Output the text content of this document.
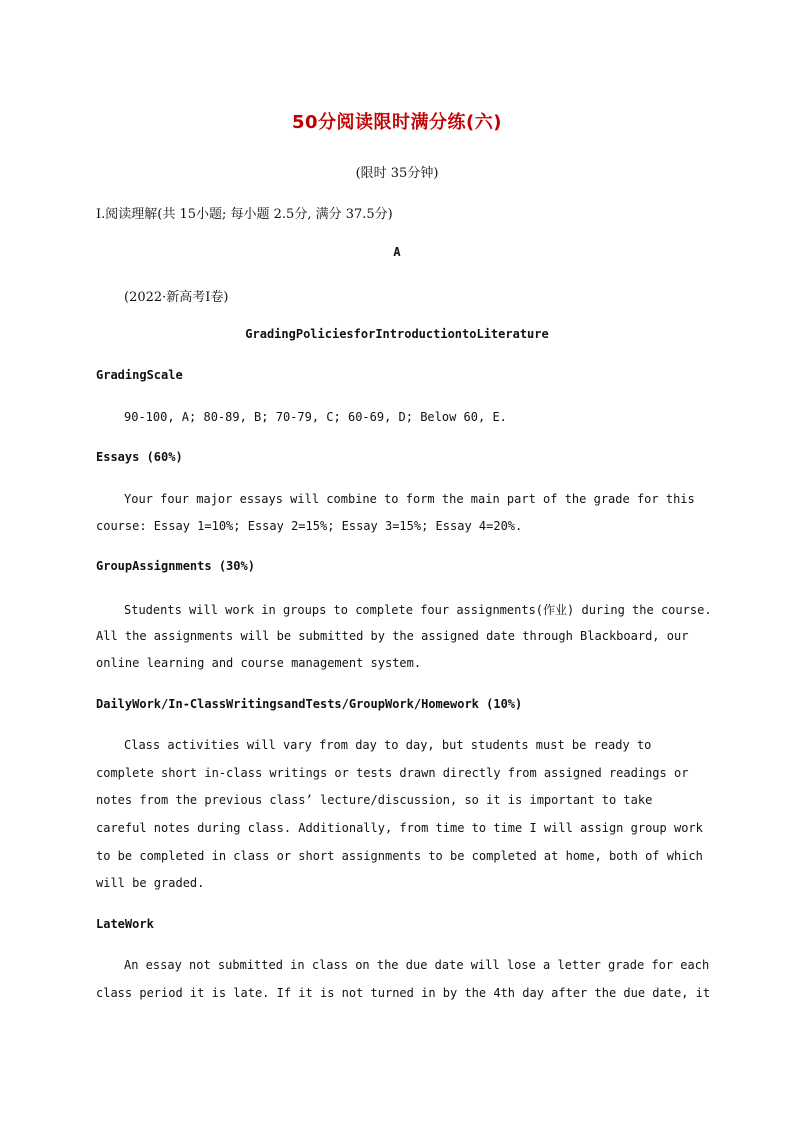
50分阅读限时满分练(六)
(限时 35分钟)
Ⅰ.阅读理解(共 15小题; 每小题 2.5分, 满分 37.5分)
A
(2022·新高考Ⅰ卷)
GradingPoliciesforIntroductiontoLiterature
GradingScale
90-100, A; 80-89, B; 70-79, C; 60-69, D; Below 60, E.
Essays (60%)
Your four major essays will combine to form the main part of the grade for this
course: Essay 1=10%; Essay 2=15%; Essay 3=15%; Essay 4=20%.
GroupAssignments (30%)
Students will work in groups to complete four assignments(作业) during the course.
All the assignments will be submitted by the assigned date through Blackboard, our
online learning and course management system.
DailyWork/In-ClassWritingsandTests/GroupWork/Homework (10%)
Class activities will vary from day to day, but students must be ready to
complete short in-class writings or tests drawn directly from assigned readings or
notes from the previous class’ lecture/discussion, so it is important to take
careful notes during class. Additionally, from time to time I will assign group work
to be completed in class or short assignments to be completed at home, both of which
will be graded.
LateWork
An essay not submitted in class on the due date will lose a letter grade for each
class period it is late. If it is not turned in by the 4th day after the due date, it
